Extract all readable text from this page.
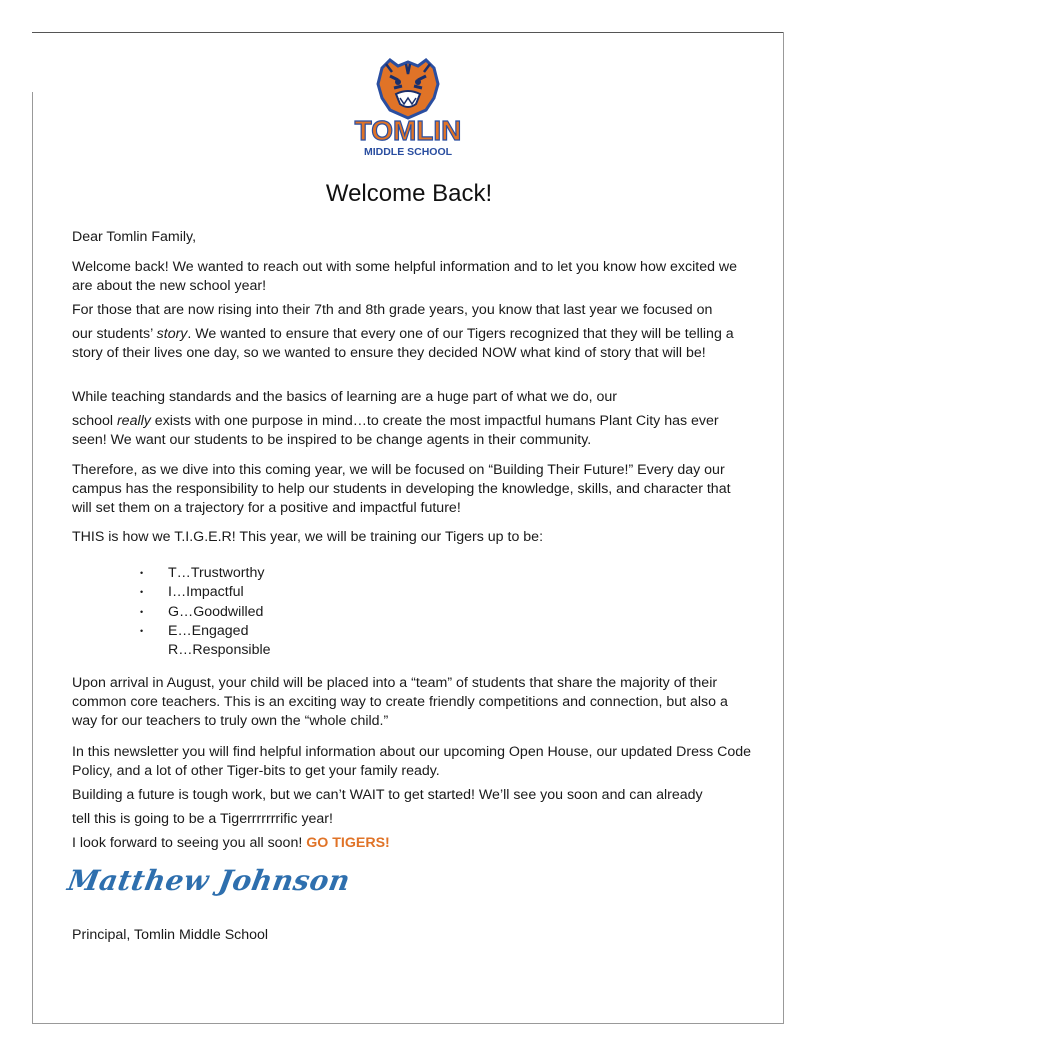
TOMLIN
MIDDLE SCHOOL
Welcome Back!
Dear Tomlin Family,
Welcome back! We wanted to reach out with some helpful information and to let you know how excited we are about the new school year!
For those that are now rising into their 7th and 8th grade years, you know that last year we focused on
our students’ story. We wanted to ensure that every one of our Tigers recognized that they will be telling a story of their lives one day, so we wanted to ensure they decided NOW what kind of story that will be!
While teaching standards and the basics of learning are a huge part of what we do, our
school really exists with one purpose in mind…to create the most impactful humans Plant City has ever seen! We want our students to be inspired to be change agents in their community.
Therefore, as we dive into this coming year, we will be focused on “Building Their Future!” Every day our campus has the responsibility to help our students in developing the knowledge, skills, and character that will set them on a trajectory for a positive and impactful future!
THIS is how we T.I.G.E.R! This year, we will be training our Tigers up to be:
•	T…Trustworthy
•	I…Impactful
•	G…Goodwilled
•	E…Engaged
R…Responsible
Upon arrival in August, your child will be placed into a “team” of students that share the majority of their common core teachers. This is an exciting way to create friendly competitions and connection, but also a way for our teachers to truly own the “whole child.”
In this newsletter you will find helpful information about our upcoming Open House, our updated Dress Code Policy, and a lot of other Tiger-bits to get your family ready.
Building a future is tough work, but we can’t WAIT to get started! We’ll see you soon and can already
tell this is going to be a Tigerrrrrrrific year!
I look forward to seeing you all soon! GO TIGERS!
Matthew Johnson
Principal, Tomlin Middle School
